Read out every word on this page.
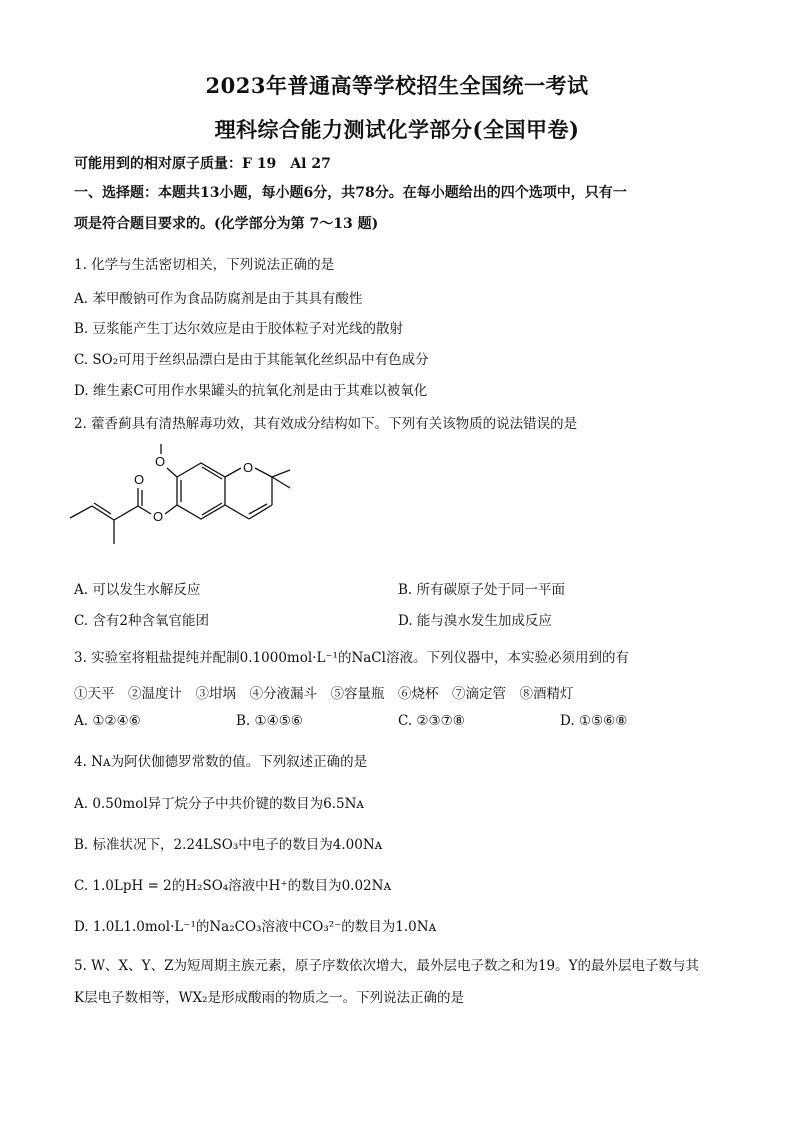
2023年普通高等学校招生全国统一考试
理科综合能力测试化学部分(全国甲卷)
可能用到的相对原子质量：F 19　Al 27
一、选择题：本题共13小题，每小题6分，共78分。在每小题给出的四个选项中，只有一
项是符合题目要求的。(化学部分为第 7～13 题)
1. 化学与生活密切相关，下列说法正确的是
A. 苯甲酸钠可作为食品防腐剂是由于其具有酸性
B. 豆浆能产生丁达尔效应是由于胶体粒子对光线的散射
C. SO₂可用于丝织品漂白是由于其能氧化丝织品中有色成分
D. 维生素C可用作水果罐头的抗氧化剂是由于其难以被氧化
2. 藿香蓟具有清热解毒功效，其有效成分结构如下。下列有关该物质的说法错误的是
O	O
O
O
A. 可以发生水解反应	B. 所有碳原子处于同一平面
C. 含有2种含氧官能团	D. 能与溴水发生加成反应
3. 实验室将粗盐提纯并配制0.1000mol·L⁻¹的NaCl溶液。下列仪器中，本实验必须用到的有
①天平　②温度计　③坩埚　④分液漏斗　⑤容量瓶　⑥烧杯　⑦滴定管　⑧酒精灯
A. ①②④⑥	B. ①④⑤⑥	C. ②③⑦⑧	D. ①⑤⑥⑧
4. Nᴀ为阿伏伽德罗常数的值。下列叙述正确的是
A. 0.50mol异丁烷分子中共价键的数目为6.5Nᴀ
B. 标准状况下，2.24LSO₃中电子的数目为4.00Nᴀ
C. 1.0LpH = 2的H₂SO₄溶液中H⁺的数目为0.02Nᴀ
D. 1.0L1.0mol·L⁻¹的Na₂CO₃溶液中CO₃²⁻的数目为1.0Nᴀ
5. W、X、Y、Z为短周期主族元素，原子序数依次增大，最外层电子数之和为19。Y的最外层电子数与其
K层电子数相等，WX₂是形成酸雨的物质之一。下列说法正确的是
